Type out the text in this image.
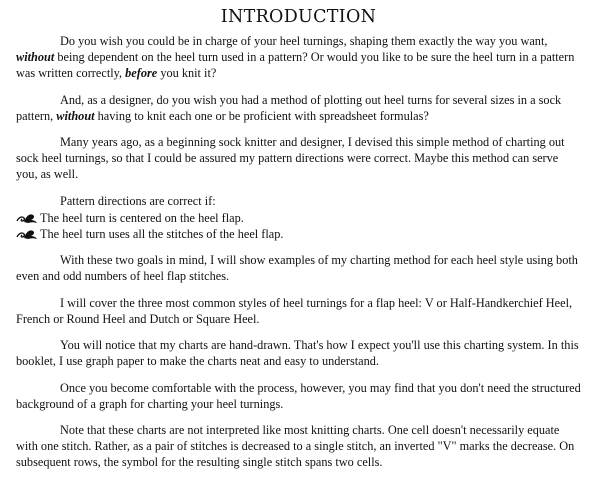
INTRODUCTION

Do you wish you could be in charge of your heel turnings, shaping them exactly the way you want,
without being dependent on the heel turn used in a pattern? Or would you like to be sure the heel turn in a pattern was written correctly, before you knit it?

And, as a designer, do you wish you had a method of plotting out heel turns for several sizes in a sock pattern, without having to knit each one or be proficient with spreadsheet formulas?

Many years ago, as a beginning sock knitter and designer, I devised this simple method of charting out sock heel turnings, so that I could be assured my pattern directions were correct. Maybe this method can serve you, as well.

Pattern directions are correct if:

The heel turn is centered on the heel flap.
The heel turn uses all the stitches of the heel flap.

With these two goals in mind, I will show examples of my charting method for each heel style using both even and odd numbers of heel flap stitches.

I will cover the three most common styles of heel turnings for a flap heel: V or Half-Handkerchief Heel, French or Round Heel and Dutch or Square Heel.

You will notice that my charts are hand-drawn. That's how I expect you'll use this charting system. In this booklet, I use graph paper to make the charts neat and easy to understand.

Once you become comfortable with the process, however, you may find that you don't need the structured background of a graph for charting your heel turnings.

Note that these charts are not interpreted like most knitting charts. One cell doesn't necessarily equate with one stitch. Rather, as a pair of stitches is decreased to a single stitch, an inverted "V" marks the decrease. On subsequent rows, the symbol for the resulting single stitch spans two cells.
